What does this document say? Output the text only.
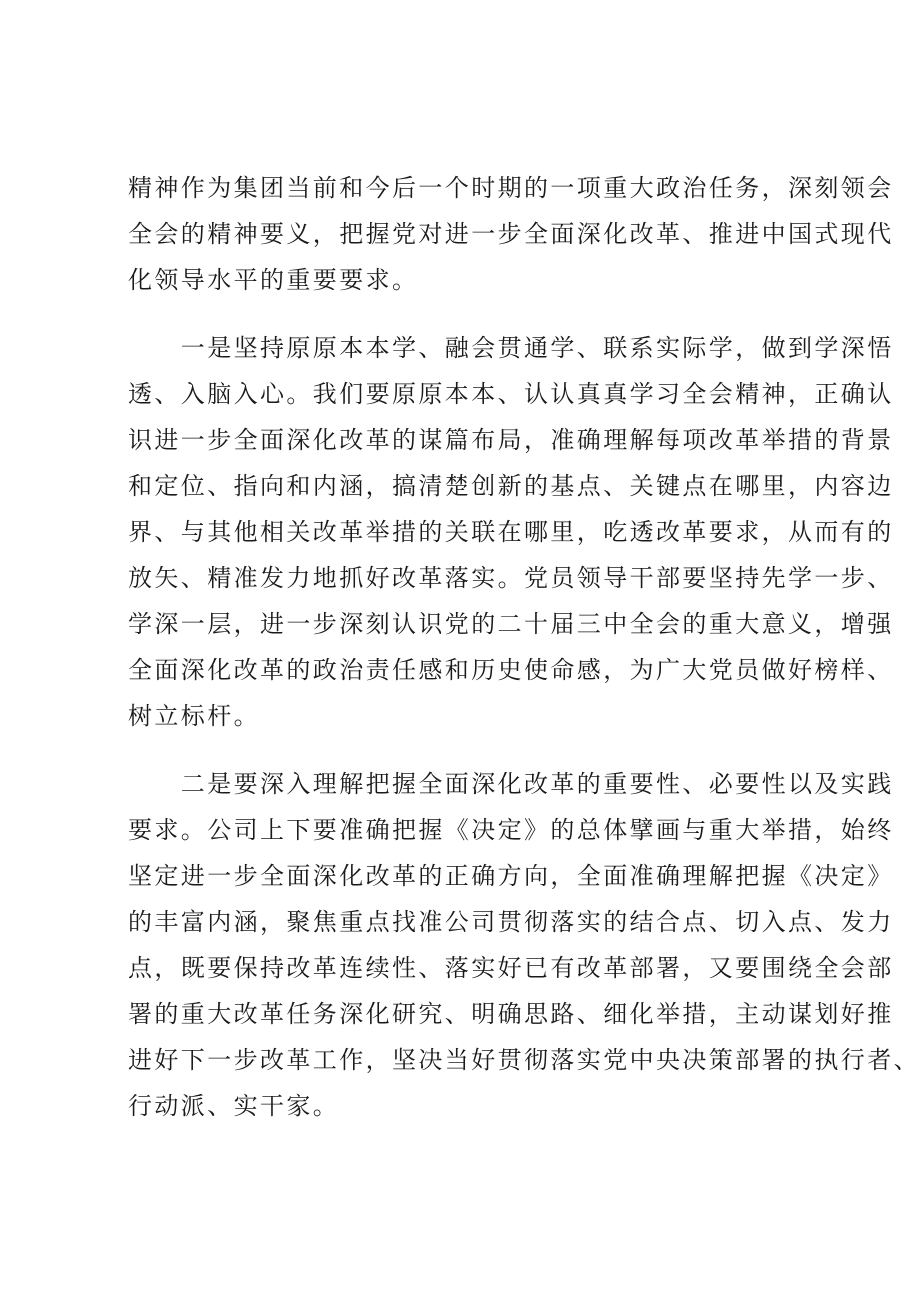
精神作为集团当前和今后一个时期的一项重大政治任务，深刻领会
全会的精神要义，把握党对进一步全面深化改革、推进中国式现代
化领导水平的重要要求。
　　一是坚持原原本本学、融会贯通学、联系实际学，做到学深悟
透、入脑入心。我们要原原本本、认认真真学习全会精神，正确认
识进一步全面深化改革的谋篇布局，准确理解每项改革举措的背景
和定位、指向和内涵，搞清楚创新的基点、关键点在哪里，内容边
界、与其他相关改革举措的关联在哪里，吃透改革要求，从而有的
放矢、精准发力地抓好改革落实。党员领导干部要坚持先学一步、
学深一层，进一步深刻认识党的二十届三中全会的重大意义，增强
全面深化改革的政治责任感和历史使命感，为广大党员做好榜样、
树立标杆。
　　二是要深入理解把握全面深化改革的重要性、必要性以及实践
要求。公司上下要准确把握《决定》的总体擘画与重大举措，始终
坚定进一步全面深化改革的正确方向，全面准确理解把握《决定》
的丰富内涵，聚焦重点找准公司贯彻落实的结合点、切入点、发力
点，既要保持改革连续性、落实好已有改革部署，又要围绕全会部
署的重大改革任务深化研究、明确思路、细化举措，主动谋划好推
进好下一步改革工作，坚决当好贯彻落实党中央决策部署的执行者、
行动派、实干家。
